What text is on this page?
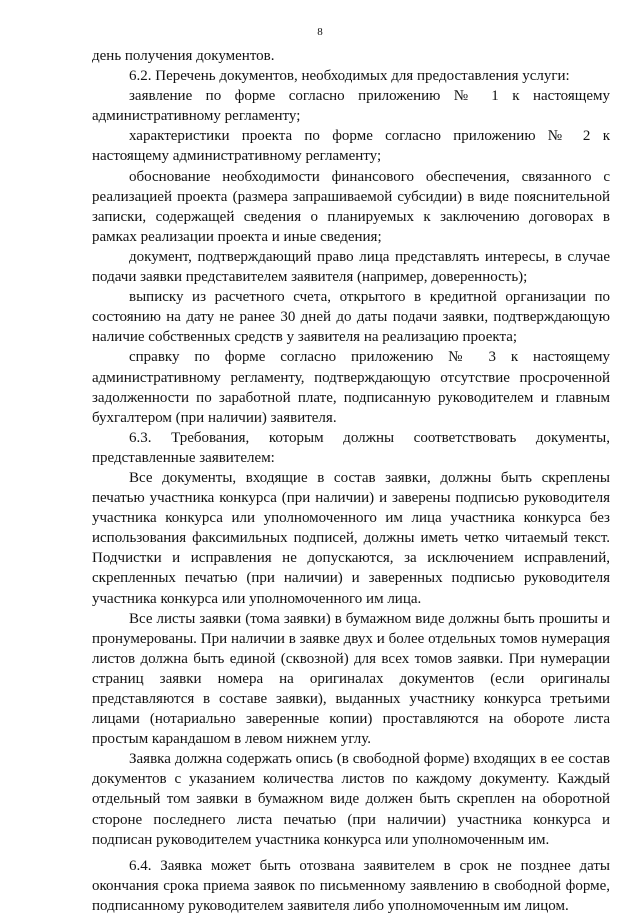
8

день получения документов.

6.2. Перечень документов, необходимых для предоставления услуги:

заявление по форме согласно приложению № 1 к настоящему административному регламенту;

характеристики проекта по форме согласно приложению № 2 к настоящему административному регламенту;

обоснование необходимости финансового обеспечения, связанного с реализацией проекта (размера запрашиваемой субсидии) в виде пояснительной записки, содержащей сведения о планируемых к заключению договорах в рамках реализации проекта и иные сведения;

документ, подтверждающий право лица представлять интересы, в случае подачи заявки представителем заявителя (например, доверенность);

выписку из расчетного счета, открытого в кредитной организации по состоянию на дату не ранее 30 дней до даты подачи заявки, подтверждающую наличие собственных средств у заявителя на реализацию проекта;

справку по форме согласно приложению № 3 к настоящему административному регламенту, подтверждающую отсутствие просроченной задолженности по заработной плате, подписанную руководителем и главным бухгалтером (при наличии) заявителя.

6.3. Требования, которым должны соответствовать документы, представленные заявителем:

Все документы, входящие в состав заявки, должны быть скреплены печатью участника конкурса (при наличии) и заверены подписью руководителя участника конкурса или уполномоченного им лица участника конкурса без использования факсимильных подписей, должны иметь четко читаемый текст. Подчистки и исправления не допускаются, за исключением исправлений, скрепленных печатью (при наличии) и заверенных подписью руководителя участника конкурса или уполномоченного им лица.

Все листы заявки (тома заявки) в бумажном виде должны быть прошиты и пронумерованы. При наличии в заявке двух и более отдельных томов нумерация листов должна быть единой (сквозной) для всех томов заявки. При нумерации страниц заявки номера на оригиналах документов (если оригиналы представляются в составе заявки), выданных участнику конкурса третьими лицами (нотариально заверенные копии) проставляются на обороте листа простым карандашом в левом нижнем углу.

Заявка должна содержать опись (в свободной форме) входящих в ее состав документов с указанием количества листов по каждому документу. Каждый отдельный том заявки в бумажном виде должен быть скреплен на оборотной стороне последнего листа печатью (при наличии) участника конкурса и подписан руководителем участника конкурса или уполномоченным им.

6.4. Заявка может быть отозвана заявителем в срок не позднее даты окончания срока приема заявок по письменному заявлению в свободной форме, подписанному руководителем заявителя либо уполномоченным им лицом.
